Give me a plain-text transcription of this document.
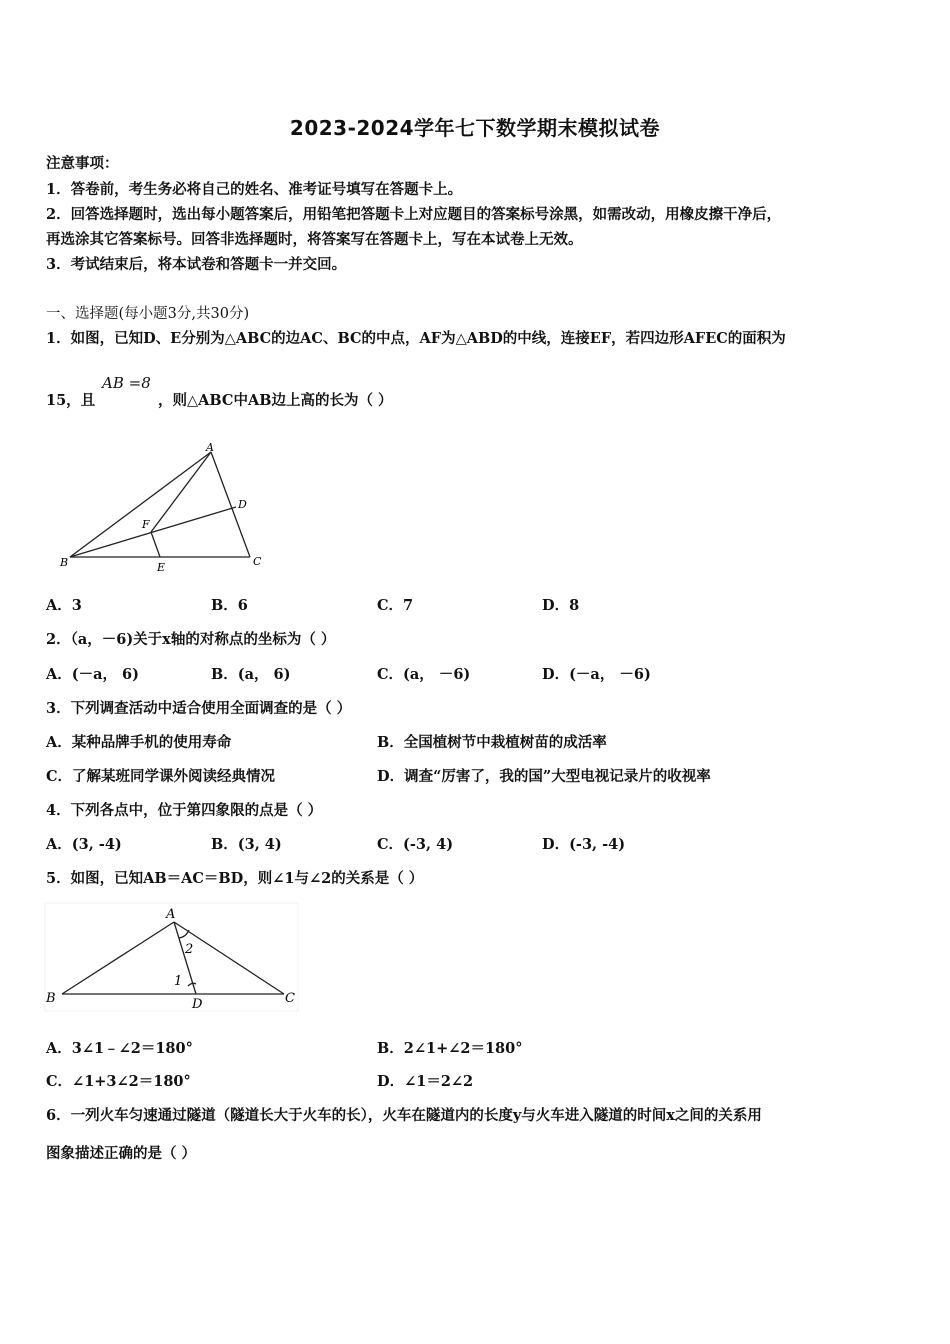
2023-2024学年七下数学期末模拟试卷
注意事项：
1．答卷前，考生务必将自己的姓名、准考证号填写在答题卡上。
2．回答选择题时，选出每小题答案后，用铅笔把答题卡上对应题目的答案标号涂黑，如需改动，用橡皮擦干净后，
再选涂其它答案标号。回答非选择题时，将答案写在答题卡上，写在本试卷上无效。
3．考试结束后，将本试卷和答题卡一并交回。
一、选择题(每小题3分,共30分)
1．如图，已知D、E分别为△ABC的边AC、BC的中点，AF为△ABD的中线，连接EF，若四边形AFEC的面积为
15，且
AB =8
，则△ABC中AB边上高的长为（ ）
A
B	C
D
E
F
A．3	B．6	C．7	D．8
2．（a，－6)关于x轴的对称点的坐标为（ ）
A．(－a， 6)	B．(a， 6)	C．(a， －6)	D．(－a， －6)
3．下列调查活动中适合使用全面调查的是（ ）
A．某种品牌手机的使用寿命	B．全国植树节中栽植树苗的成活率
C．了解某班同学课外阅读经典情况	D．调查“厉害了，我的国”大型电视记录片的收视率
4．下列各点中，位于第四象限的点是（ ）
A．(3, -4)	B．(3, 4)	C．(-3, 4)	D．(-3, -4)
5．如图，已知AB＝AC＝BD，则∠1与∠2的关系是（ ）
A
B	C
D
1
2
A．3∠1﹣∠2＝180°	B．2∠1+∠2＝180°
C．∠1+3∠2＝180°	D．∠1＝2∠2
6．一列火车匀速通过隧道（隧道长大于火车的长），火车在隧道内的长度y与火车进入隧道的时间x之间的关系用
图象描述正确的是（ ）
